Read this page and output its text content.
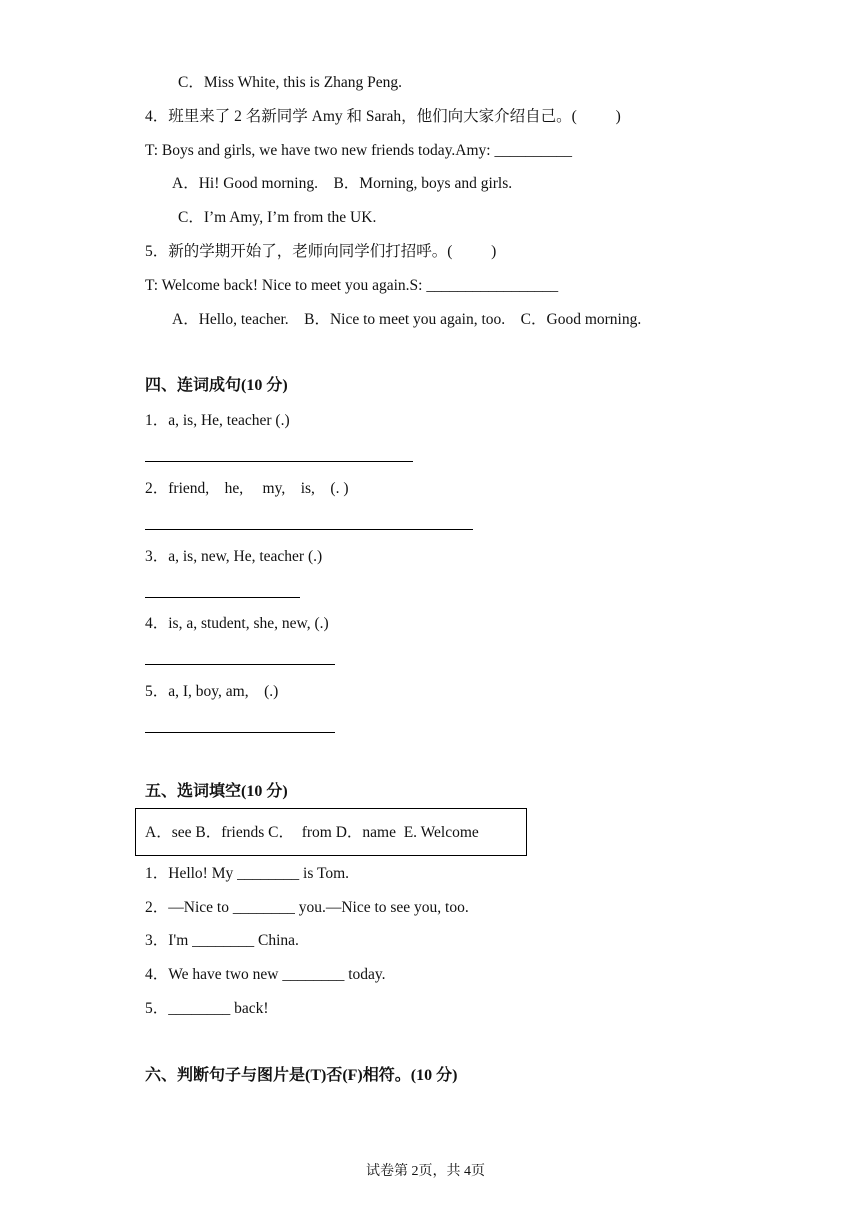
C．Miss White, this is Zhang Peng.
4．班里来了 2 名新同学 Amy 和 Sarah，他们向大家介绍自己。(          )
T: Boys and girls, we have two new friends today.Amy: __________
A．Hi! Good morning.    B．Morning, boys and girls.
C．I’m Amy, I’m from the UK.
5．新的学期开始了，老师向同学们打招呼。(          )
T: Welcome back! Nice to meet you again.S: _________________
A．Hello, teacher.    B．Nice to meet you again, too.    C．Good morning.
四、连词成句(10 分)
1．a, is, He, teacher (.)
2．friend,    he,     my,    is,    (. )
3．a, is, new, He, teacher (.)
4．is, a, student, she, new, (.)
5．a, I, boy, am,    (.)
五、选词填空(10 分)
A．see B．friends C．  from D．name  E. Welcome
1．Hello! My ________ is Tom.
2．—Nice to ________ you.—Nice to see you, too.
3．I'm ________ China.
4．We have two new ________ today.
5．________ back!
六、判断句子与图片是(T)否(F)相符。(10 分)
试卷第 2页，共 4页
